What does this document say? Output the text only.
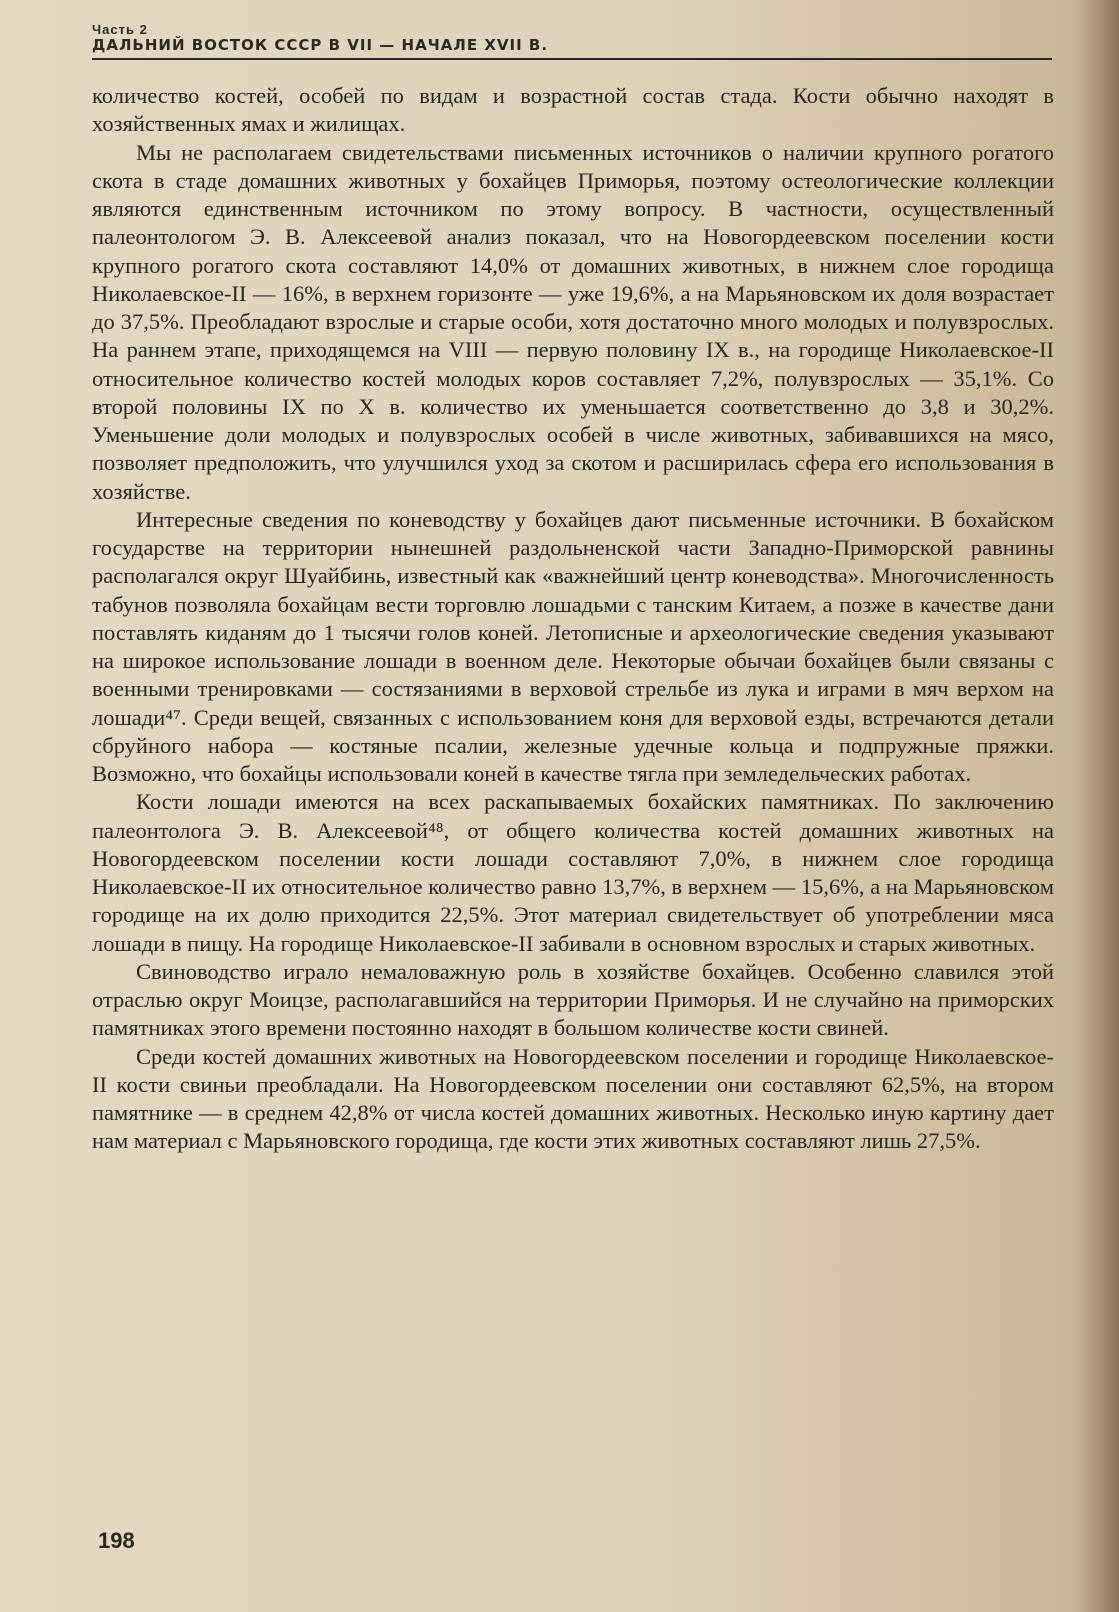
Часть 2
ДАЛЬНИЙ ВОСТОК СССР В VII — НАЧАЛЕ XVII В.

количество костей, особей по видам и возрастной состав стада. Кости обычно находят в хозяйственных ямах и жилищах.

Мы не располагаем свидетельствами письменных источников о наличии крупного рогатого скота в стаде домашних животных у бохайцев Приморья, поэтому остеологические коллекции являются единственным источником по этому вопросу. В частности, осуществленный палеонтологом Э. В. Алексеевой анализ показал, что на Новогордеевском поселении кости крупного рогатого скота составляют 14,0% от домашних животных, в нижнем слое городища Николаевское-II — 16%, в верхнем горизонте — уже 19,6%, а на Марьяновском их доля возрастает до 37,5%. Преобладают взрослые и старые особи, хотя достаточно много молодых и полувзрослых. На раннем этапе, приходящемся на VIII — первую половину IX в., на городище Николаевское-II относительное количество костей молодых коров составляет 7,2%, полувзрослых — 35,1%. Со второй половины IX по X в. количество их уменьшается соответственно до 3,8 и 30,2%. Уменьшение доли молодых и полувзрослых особей в числе животных, забивавшихся на мясо, позволяет предположить, что улучшился уход за скотом и расширилась сфера его использования в хозяйстве.

Интересные сведения по коневодству у бохайцев дают письменные источники. В бохайском государстве на территории нынешней раздольненской части Западно-Приморской равнины располагался округ Шуайбинь, известный как «важнейший центр коневодства». Многочисленность табунов позволяла бохайцам вести торговлю лошадьми с танским Китаем, а позже в качестве дани поставлять киданям до 1 тысячи голов коней. Летописные и археологические сведения указывают на широкое использование лошади в военном деле. Некоторые обычаи бохайцев были связаны с военными тренировками — состязаниями в верховой стрельбе из лука и играми в мяч верхом на лошади⁴⁷. Среди вещей, связанных с использованием коня для верховой езды, встречаются детали сбруйного набора — костяные псалии, железные удечные кольца и подпружные пряжки. Возможно, что бохайцы использовали коней в качестве тягла при земледельческих работах.

Кости лошади имеются на всех раскапываемых бохайских памятниках. По заключению палеонтолога Э. В. Алексеевой⁴⁸, от общего количества костей домашних животных на Новогордеевском поселении кости лошади составляют 7,0%, в нижнем слое городища Николаевское-II их относительное количество равно 13,7%, в верхнем — 15,6%, а на Марьяновском городище на их долю приходится 22,5%. Этот материал свидетельствует об употреблении мяса лошади в пищу. На городище Николаевское-II забивали в основном взрослых и старых животных.

Свиноводство играло немаловажную роль в хозяйстве бохайцев. Особенно славился этой отраслью округ Моицзе, располагавшийся на территории Приморья. И не случайно на приморских памятниках этого времени постоянно находят в большом количестве кости свиней.

Среди костей домашних животных на Новогордеевском поселении и городище Николаевское-II кости свиньи преобладали. На Новогордеевском поселении они составляют 62,5%, на втором памятнике — в среднем 42,8% от числа костей домашних животных. Несколько иную картину дает нам материал с Марьяновского городища, где кости этих животных составляют лишь 27,5%.

198
